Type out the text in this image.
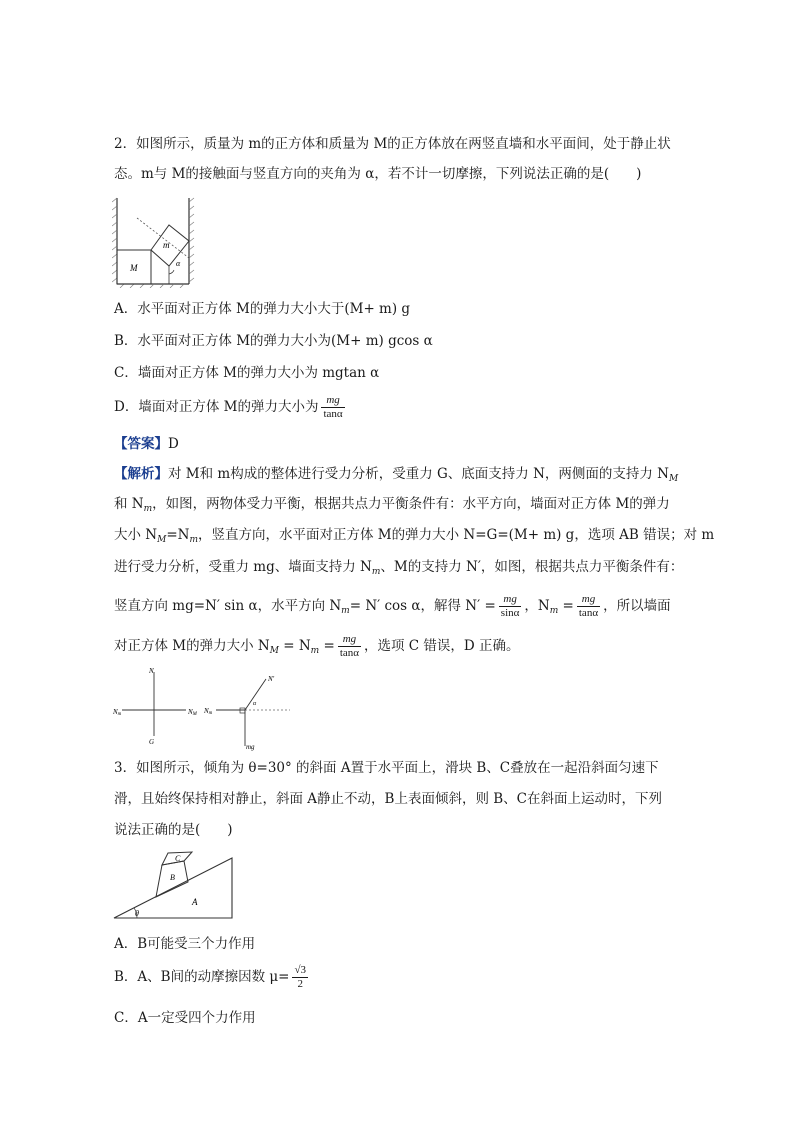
2．如图所示，质量为 m的正方体和质量为 M的正方体放在两竖直墙和水平面间，处于静止状
态。m与 M的接触面与竖直方向的夹角为 α，若不计一切摩擦，下列说法正确的是(　　)
m
M	α
A．水平面对正方体 M的弹力大小大于(M+ m) g
B．水平面对正方体 M的弹力大小为(M+ m) gcos α
C．墙面对正方体 M的弹力大小为 mgtan α
D．墙面对正方体 M的弹力大小为 $\frac{mg}{\tan\alpha}$
【答案】D
【解析】对 M和 m构成的整体进行受力分析，受重力 G、底面支持力 N，两侧面的支持力 $N_M$
和 $N_m$，如图，两物体受力平衡，根据共点力平衡条件有：水平方向，墙面对正方体 M的弹力
大小 $N_M=N_m$，竖直方向，水平面对正方体 M的弹力大小 N=G=(M+ m) g，选项 AB 错误；对 m
进行受力分析，受重力 mg、墙面支持力 $N_m$、M的支持力 N′，如图，根据共点力平衡条件有：
竖直方向 mg=N′ sin α，水平方向 $N_m= N'$ cos α，解得 $N' = \frac{mg}{\sin\alpha}$ ，$N_m = \frac{mg}{\tan\alpha}$ ，所以墙面
对正方体 M的弹力大小 $N_M = N_m = \frac{mg}{\tan\alpha}$ ，选项 C 错误，D 正确。
N
G
Nm	NM Nm
N′
α
mg
3．如图所示，倾角为 θ=30° 的斜面 A置于水平面上，滑块 B、C叠放在一起沿斜面匀速下
滑，且始终保持相对静止，斜面 A静止不动，B上表面倾斜，则 B、C在斜面上运动时，下列
说法正确的是(　　)
A
B
C
θ
A．B可能受三个力作用
B．A、B间的动摩擦因数 $\mu= \frac{√3}{2}$
C．A一定受四个力作用
